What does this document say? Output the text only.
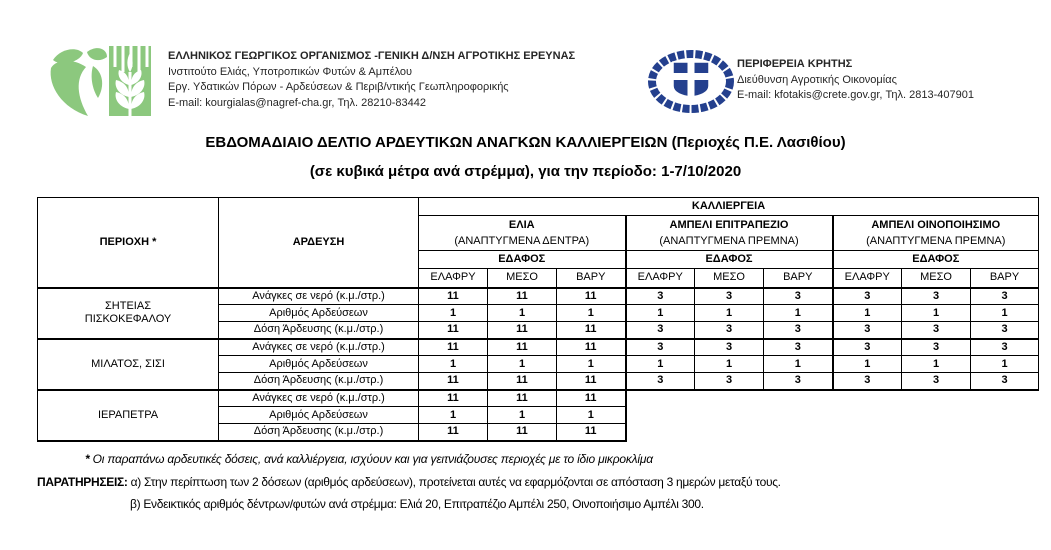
ΕΛΛΗΝΙΚΟΣ ΓΕΩΡΓΙΚΟΣ ΟΡΓΑΝΙΣΜΟΣ -ΓΕΝΙΚΗ Δ/ΝΣΗ ΑΓΡΟΤΙΚΗΣ ΕΡΕΥΝΑΣ
Ινστιτούτο Ελιάς, Υποτροπικών Φυτών & Αμπέλου
Εργ. Υδατικών Πόρων - Αρδεύσεων & Περιβ/ντικής Γεωπληροφορικής
E-mail: kourgialas@nagref-cha.gr, Τηλ. 28210-83442
ΠΕΡΙΦΕΡΕΙΑ ΚΡΗΤΗΣ
Διεύθυνση Αγροτικής Οικονομίας
E-mail: kfotakis@crete.gov.gr, Τηλ. 2813-407901
ΕΒΔΟΜΑΔΙΑΙΟ ΔΕΛΤΙΟ ΑΡΔΕΥΤΙΚΩΝ ΑΝΑΓΚΩΝ ΚΑΛΛΙΕΡΓΕΙΩΝ (Περιοχές Π.Ε. Λασιθίου)
(σε κυβικά μέτρα ανά στρέμμα), για την περίοδο: 1-7/10/2020
ΠΕΡΙΟΧΗ *	ΑΡΔΕΥΣΗ	ΚΑΛΛΙΕΡΓΕΙΑ								

ΕΛΙΑ
(ΑΝΑΠΤΥΓΜΕΝΑ ΔΕΝΤΡΑ)

ΑΜΠΕΛΙ ΕΠΙΤΡΑΠΕΖΙΟ
(ΑΝΑΠΤΥΓΜΕΝΑ ΠΡΕΜΝΑ)

ΑΜΠΕΛΙ ΟΙΝΟΠΟΙΗΣΙΜΟ
(ΑΝΑΠΤΥΓΜΕΝΑ ΠΡΕΜΝΑ)

		ΕΔΑΦΟΣ			ΕΔΑΦΟΣ			ΕΔΑΦΟΣ		
		ΕΛΑΦΡΥ	ΜΕΣΟ	ΒΑΡΥ	ΕΛΑΦΡΥ	ΜΕΣΟ	ΒΑΡΥ	ΕΛΑΦΡΥ	ΜΕΣΟ	ΒΑΡΥ

ΣΗΤΕΙΑΣ
ΠΙΣΚΟΚΕΦΑΛΟΥ	Ανάγκες σε νερό (κ.μ./στρ.)	11	11	11	3	3	3	3	3	3
	Αριθμός Αρδεύσεων	1	1	1	1	1	1	1	1	1
	Δόση Άρδευσης (κ.μ./στρ.)	11	11	11	3	3	3	3	3	3
ΜΙΛΑΤΟΣ, ΣΙΣΙ	Ανάγκες σε νερό (κ.μ./στρ.)	11	11	11	3	3	3	3	3	3
	Αριθμός Αρδεύσεων	1	1	1	1	1	1	1	1	1
	Δόση Άρδευσης (κ.μ./στρ.)	11	11	11	3	3	3	3	3	3
ΙΕΡΑΠΕΤΡΑ	Ανάγκες σε νερό (κ.μ./στρ.)	11	11	11						
	Αριθμός Αρδεύσεων	1	1	1						
	Δόση Άρδευσης (κ.μ./στρ.)	11	11	11						
* Οι παραπάνω αρδευτικές δόσεις, ανά καλλιέργεια, ισχύουν και για γειτνιάζουσες περιοχές με το ίδιο μικροκλίμα
ΠΑΡΑΤΗΡΗΣΕΙΣ: α) Στην περίπτωση των 2 δόσεων (αριθμός αρδεύσεων), προτείνεται αυτές να εφαρμόζονται σε απόσταση 3 ημερών μεταξύ τους.
β) Ενδεικτικός αριθμός δέντρων/φυτών ανά στρέμμα: Ελιά 20, Επιτραπέζιο Αμπέλι 250, Οινοποιήσιμο Αμπέλι 300.
